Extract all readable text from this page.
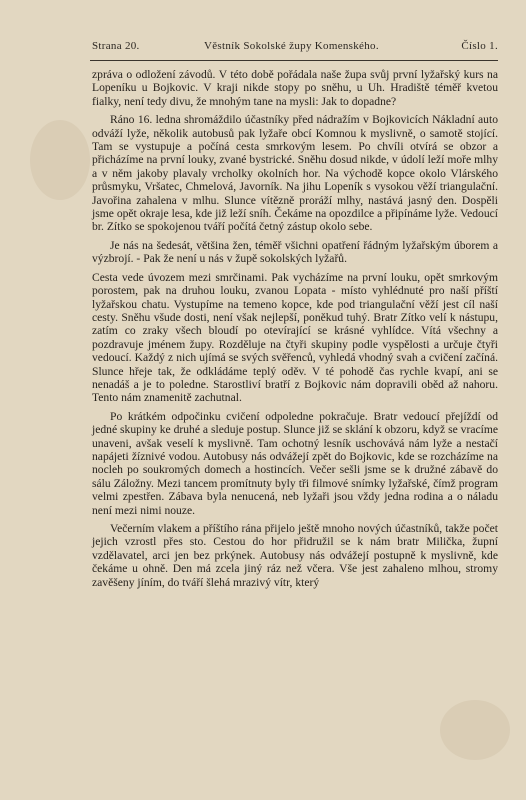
Strana 20.	Věstník Sokolské župy Komenského.	Číslo 1.

zpráva o odložení závodů. V této době pořádala naše župa svůj první lyžařský kurs na Lopeníku u Bojkovic. V kraji nikde stopy po sněhu, u Uh. Hradiště téměř kvetou fialky, není tedy divu, že mnohým tane na mysli: Jak to dopadne?

Ráno 16. ledna shromáždilo účastníky před nádražím v Bojkovicích Nákladní auto odváží lyže, několik autobusů pak lyžaře obcí Komnou k myslivně, o samotě stojící. Tam se vystupuje a počíná cesta smrkovým lesem. Po chvíli otvírá se obzor a přicházíme na první louky, zvané bystrické. Sněhu dosud nikde, v údolí leží moře mlhy a v něm jakoby plavaly vrcholky okolních hor. Na východě kopce okolo Vlárského průsmyku, Vršatec, Chmelová, Javorník. Na jihu Lopeník s vysokou věží triangulační. Javořina zahalena v mlhu. Slunce vítězně proráží mlhy, nastává jasný den. Dospěli jsme opět okraje lesa, kde již leží sníh. Čekáme na opozdilce a připínáme lyže. Vedoucí br. Zítko se spokojenou tváří počítá četný zástup okolo sebe.

Je nás na šedesát, většina žen, téměř všichni opatření řádným lyžařským úborem a výzbrojí. - Pak že není u nás v župě sokolských lyžařů.

Cesta vede úvozem mezi smrčinami. Pak vycházíme na první louku, opět smrkovým porostem, pak na druhou louku, zvanou Lopata - místo vyhlédnuté pro naší příští lyžařskou chatu. Vystupíme na temeno kopce, kde pod triangulační věží jest cíl naší cesty. Sněhu všude dosti, není však nejlepší, poněkud tuhý. Bratr Zítko velí k nástupu, zatím co zraky všech bloudí po otevírající se krásné vyhlídce. Vítá všechny a pozdravuje jménem župy. Rozděluje na čtyři skupiny podle vyspělosti a určuje čtyři vedoucí. Každý z nich ujímá se svých svěřenců, vyhledá vhodný svah a cvičení začíná. Slunce hřeje tak, že odkládáme teplý oděv. V té pohodě čas rychle kvapí, ani se nenadáš a je to poledne. Starostliví bratří z Bojkovic nám dopravili oběd až nahoru. Tento nám znamenitě zachutnal.

Po krátkém odpočinku cvičení odpoledne pokračuje. Bratr vedoucí přejíždí od jedné skupiny ke druhé a sleduje postup. Slunce již se sklání k obzoru, když se vracíme unaveni, avšak veselí k myslivně. Tam ochotný lesník uschovává nám lyže a nestačí napájeti žíznivé vodou. Autobusy nás odvážejí zpět do Bojkovic, kde se rozcházíme na nocleh po soukromých domech a hostincích. Večer sešli jsme se k družné zábavě do sálu Záložny. Mezi tancem promítnuty byly tři filmové snímky lyžařské, čímž program velmi zpestřen. Zábava byla nenucená, neb lyžaři jsou vždy jedna rodina a o náladu není mezi nimi nouze.

Večerním vlakem a příštího rána přijelo ještě mnoho nových účastníků, takže počet jejich vzrostl přes sto. Cestou do hor přidružil se k nám bratr Milička, župní vzdělavatel, arci jen bez prkýnek. Autobusy nás odvážejí postupně k myslivně, kde čekáme u ohně. Den má zcela jiný ráz než včera. Vše jest zahaleno mlhou, stromy zavěšeny jíním, do tváří šlehá mrazivý vítr, který
